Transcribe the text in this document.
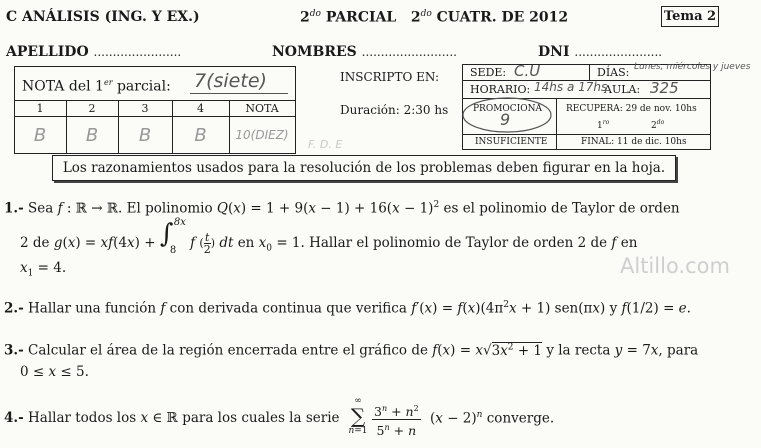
C ANÁLISIS (ING. Y EX.)	$2^{do}$ PARCIAL $2^{do}$ CUATR. DE 2012	Tema 2
APELLIDO .......................	NOMBRES .........................	DNI .......................
NOTA del 1er parcial: 7(siete)
1	2	3	4	NOTA
B	B	B	B	10(DIEZ)
F. D. E
INSCRIPTO EN:
Duración: 2:30 hs
SEDE: C.U	DÍAS: Lunes, miércoles y jueves
HORARIO: 14hs a 17hs
AULA: 325
PROMOCIONA
9
RECUPERA: 29 de nov. 10hs
$1^{ro}$	$2^{do}$
INSUFICIENTE	FINAL: 11 de dic. 10hs
Los razonamientos usados para la resolución de los problemas deben figurar en la hoja.
Altillo.com
1.- Sea f : ℝ → ℝ. El polinomio $Q(x) = 1 + 9(x - 1) + 16(x - 1)^2$ es el polinomio de Taylor de orden
2 de g(x) = xf(4x) + ∫ 8x
8 f ( $\frac{t}{2}$ ) dt en $x_0 = 1$. Hallar el polinomio de Taylor de orden 2 de f en
$x_1 = 4$.
2.- Hallar una función f con derivada continua que verifica $f'(x) = f(x)(4\pi^2x + 1)$ sen(πx) y f(1/2) = e.
3.- Calcular el área de la región encerrada entre el gráfico de $f(x) = x√3x^2 + 1$ y la recta y = 7x, para
0 ≤ x ≤ 5.
4.- Hallar todos los x ∈ ℝ para los cuales la serie
∞
∑
n=1
$3^n + n^2$
$5^n + n$
$(x - 2)^n$ converge.
